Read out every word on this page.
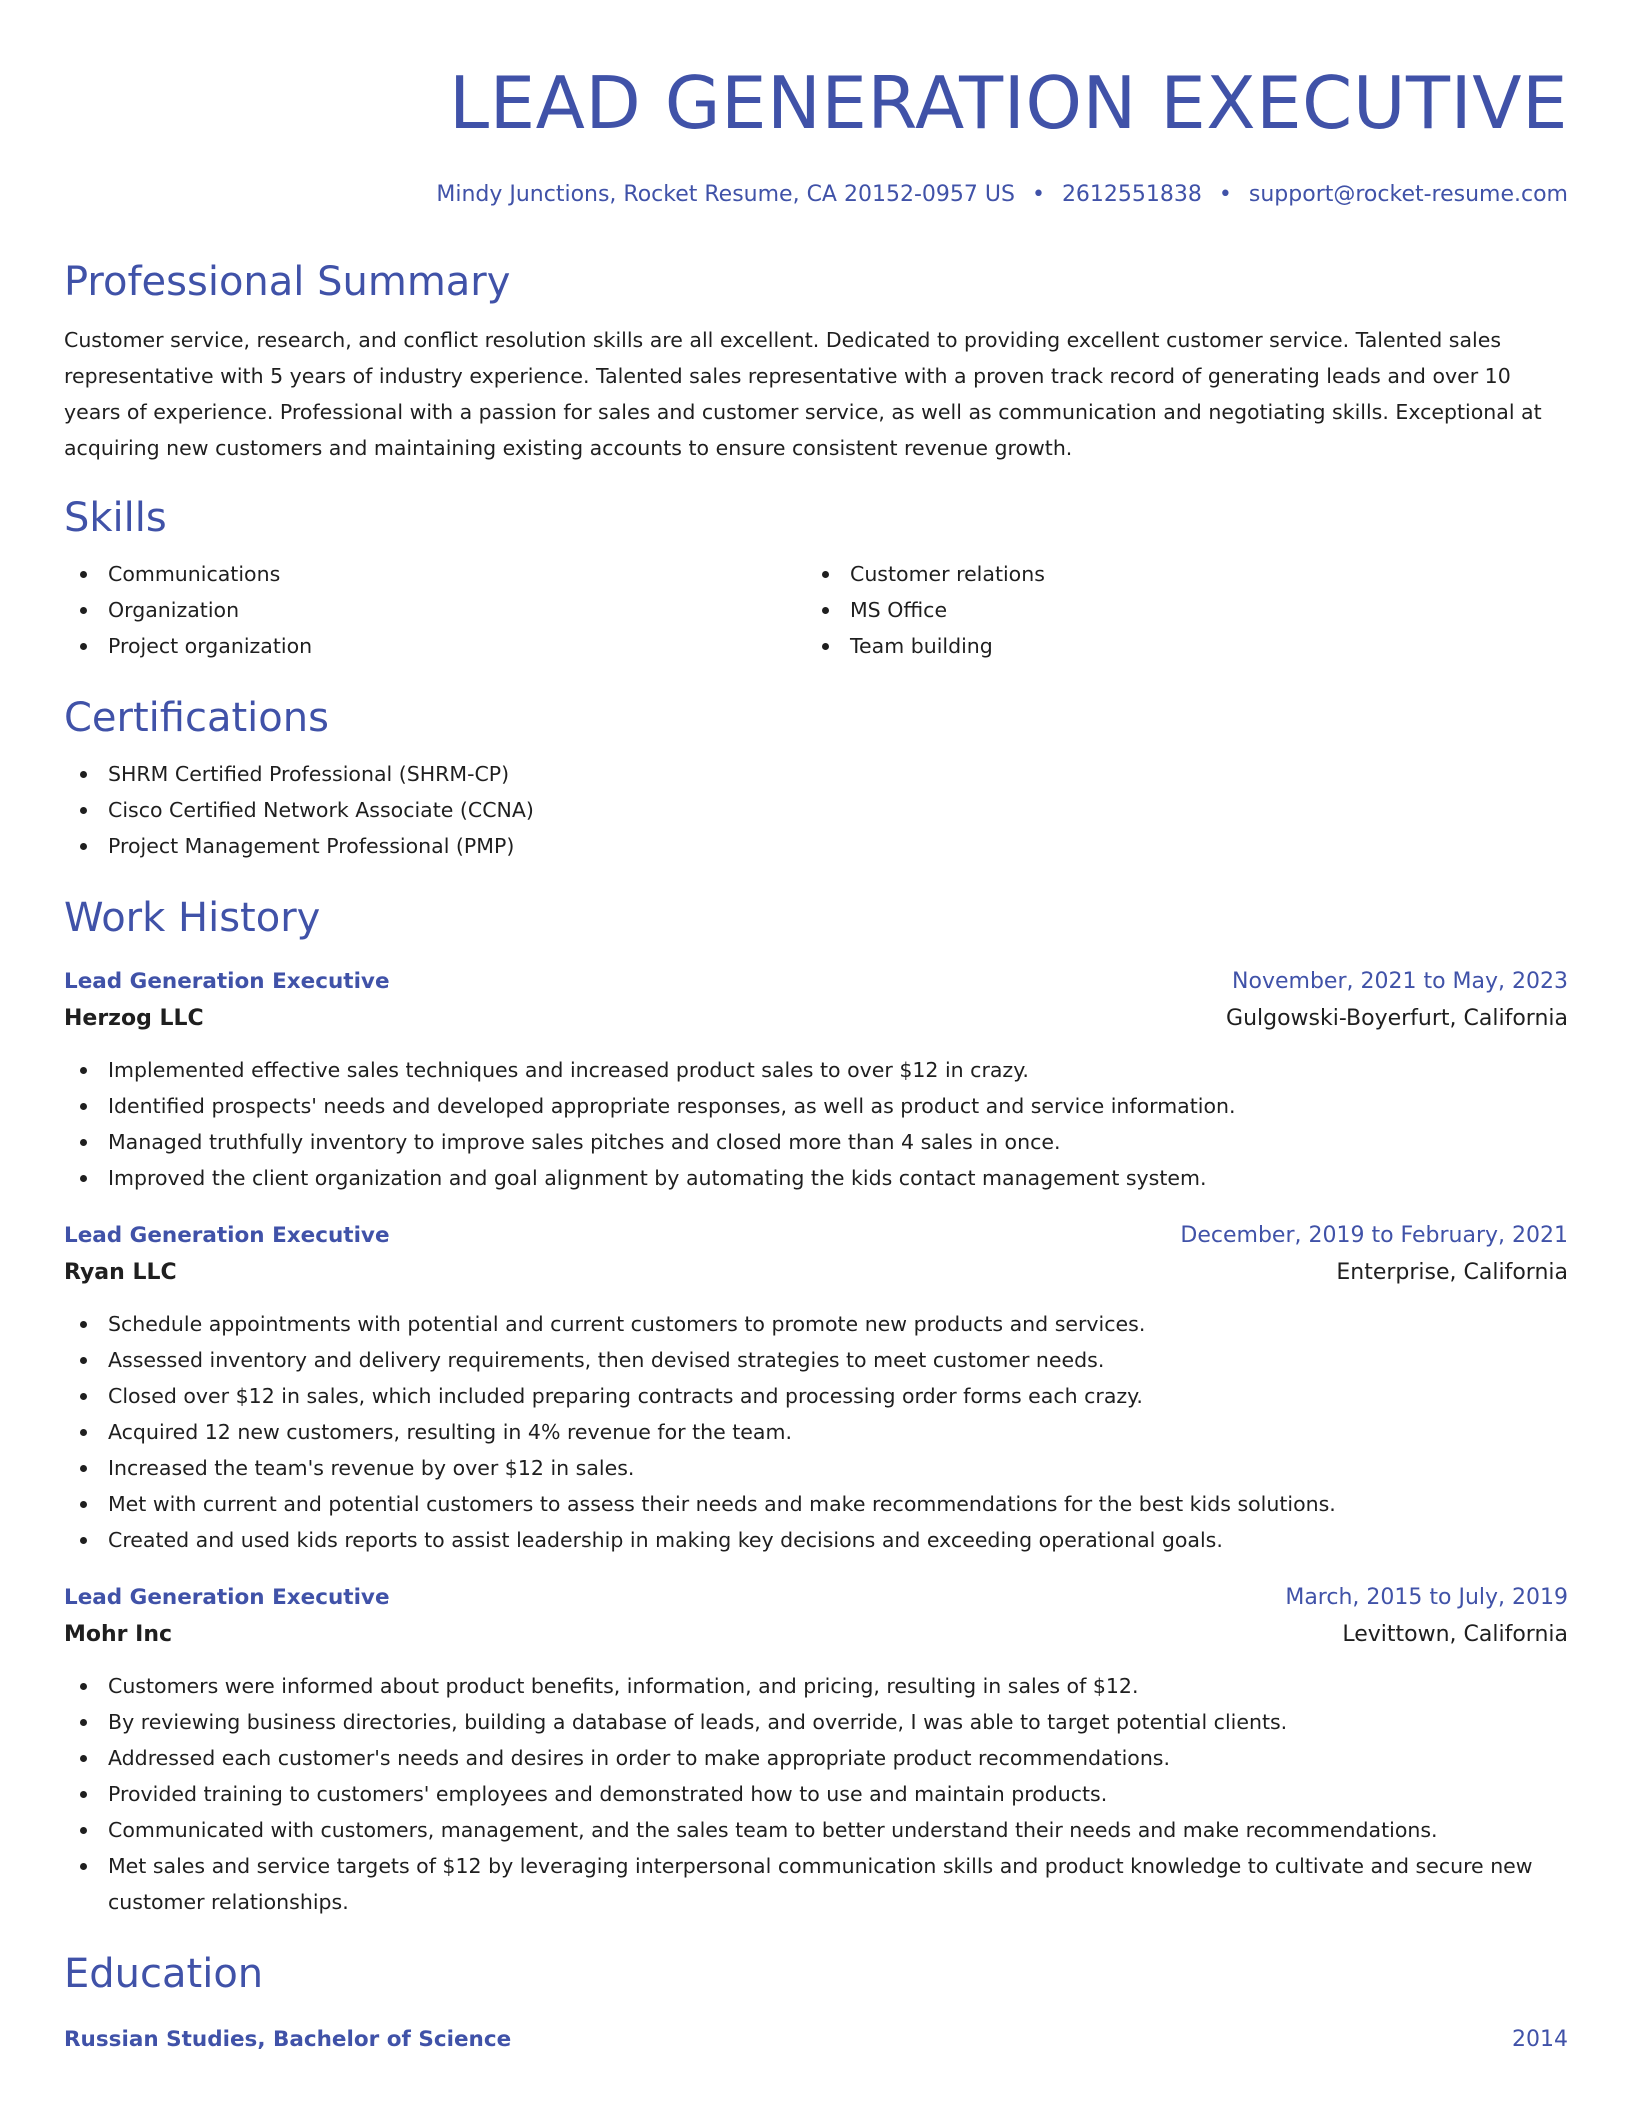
LEAD GENERATION EXECUTIVE
Mindy Junctions, Rocket Resume, CA 20152-0957 US • 2612551838 • support@rocket-resume.com
Professional Summary

Customer service, research, and conflict resolution skills are all excellent. Dedicated to providing excellent customer service. Talented sales representative with 5 years of industry experience. Talented sales representative with a proven track record of generating leads and over 10 years of experience. Professional with a passion for sales and customer service, as well as communication and negotiating skills. Exceptional at acquiring new customers and maintaining existing accounts to ensure consistent revenue growth.

Skills
Communications
Organization
Project organization
Customer relations
MS Office
Team building
Certifications
SHRM Certified Professional (SHRM-CP)
Cisco Certified Network Associate (CCNA)
Project Management Professional (PMP)
Work History
Lead Generation Executive	November, 2021 to May, 2023
Herzog LLC	Gulgowski-Boyerfurt, California
Implemented effective sales techniques and increased product sales to over $12 in crazy.
Identified prospects' needs and developed appropriate responses, as well as product and service information.
Managed truthfully inventory to improve sales pitches and closed more than 4 sales in once.
Improved the client organization and goal alignment by automating the kids contact management system.
Lead Generation Executive	December, 2019 to February, 2021
Ryan LLC	Enterprise, California
Schedule appointments with potential and current customers to promote new products and services.
Assessed inventory and delivery requirements, then devised strategies to meet customer needs.
Closed over $12 in sales, which included preparing contracts and processing order forms each crazy.
Acquired 12 new customers, resulting in 4% revenue for the team.
Increased the team's revenue by over $12 in sales.
Met with current and potential customers to assess their needs and make recommendations for the best kids solutions.
Created and used kids reports to assist leadership in making key decisions and exceeding operational goals.
Lead Generation Executive	March, 2015 to July, 2019
Mohr Inc	Levittown, California
Customers were informed about product benefits, information, and pricing, resulting in sales of $12.
By reviewing business directories, building a database of leads, and override, I was able to target potential clients.
Addressed each customer's needs and desires in order to make appropriate product recommendations.
Provided training to customers' employees and demonstrated how to use and maintain products.
Communicated with customers, management, and the sales team to better understand their needs and make recommendations.
Met sales and service targets of $12 by leveraging interpersonal communication skills and product knowledge to cultivate and secure new customer relationships.
Education
Russian Studies, Bachelor of Science	2014
